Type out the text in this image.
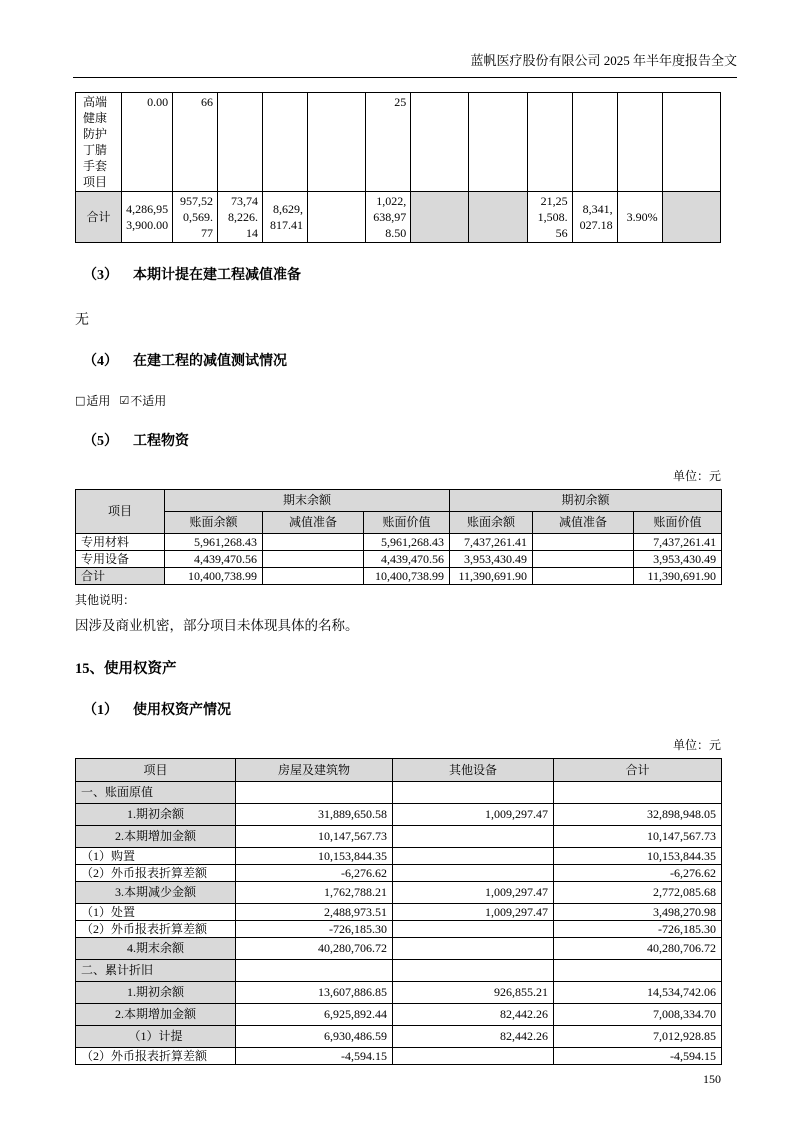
蓝帆医疗股份有限公司 2025 年半年度报告全文
高端健康防护丁腈手套项目	0.00	66				25						
合计	4,286,953,900.00	957,520,569.77	73,748,226.14	8,629,817.41		1,022,638,978.50			21,251,508.56	8,341,027.18	3.90%	
（3） 本期计提在建工程减值准备
无
（4） 在建工程的减值测试情况
□ 适用 ☑ 不适用
（5） 工程物资
单位：元
项目	期末余额			期初余额		
	账面余额	减值准备	账面价值	账面余额	减值准备	账面价值
专用材料	5,961,268.43		5,961,268.43	7,437,261.41		7,437,261.41
专用设备	4,439,470.56		4,439,470.56	3,953,430.49		3,953,430.49
合计	10,400,738.99		10,400,738.99	11,390,691.90		11,390,691.90
其他说明：
因涉及商业机密，部分项目未体现具体的名称。
15、 使用权资产
（1） 使用权资产情况
单位：元
项目	房屋及建筑物	其他设备	合计
一、账面原值			
1.期初余额	31,889,650.58	1,009,297.47	32,898,948.05
2.本期增加金额	10,147,567.73		10,147,567.73
（1）购置	10,153,844.35		10,153,844.35
（2）外币报表折算差额	-6,276.62		-6,276.62
3.本期减少金额	1,762,788.21	1,009,297.47	2,772,085.68
（1）处置	2,488,973.51	1,009,297.47	3,498,270.98
（2）外币报表折算差额	-726,185.30		-726,185.30
4.期末余额	40,280,706.72		40,280,706.72
二、累计折旧			
1.期初余额	13,607,886.85	926,855.21	14,534,742.06
2.本期增加金额	6,925,892.44	82,442.26	7,008,334.70
（1）计提	6,930,486.59	82,442.26	7,012,928.85
（2）外币报表折算差额	-4,594.15		-4,594.15
150
